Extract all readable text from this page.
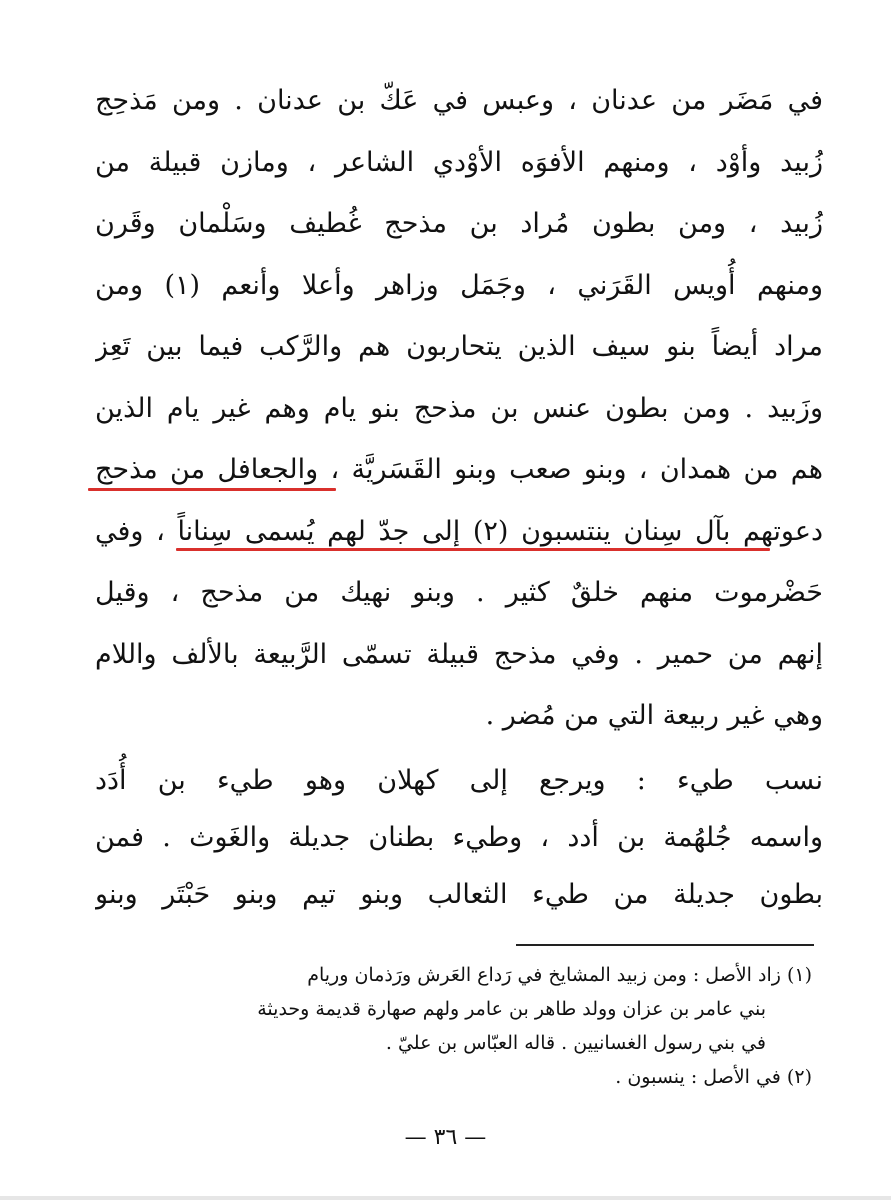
في مَضَر من عدنان ، وعبس في عَكّ بن عدنان . ومن مَذحِج
زُبيد وأوْد ، ومنهم الأفوَه الأوْدي الشاعر ، ومازن قبيلة من
زُبيد ، ومن بطون مُراد بن مذحج غُطيف وسَلْمان وقَرن
ومنهم أُويس القَرَني ، وجَمَل وزاهر وأعلا وأنعم (١) ومن
مراد أيضاً بنو سيف الذين يتحاربون هم والرَّكب فيما بين تَعِز
وزَبيد . ومن بطون عنس بن مذحج بنو يام وهم غير يام الذين
هم من همدان ، وبنو صعب وبنو القَسَريَّة ، والجعافل من مذحج
دعوتهم بآل سِنان ينتسبون (٢) إلى جدّ لهم يُسمى سِناناً ، وفي
حَضْرموت منهم خلقٌ كثير . وبنو نهيك من مذحج ، وقيل
إنهم من حمير . وفي مذحج قبيلة تسمّى الرَّبيعة بالألف واللام
وهي غير ربيعة التي من مُضر .
نسب طيء : ويرجع إلى كهلان وهو طيء بن أُدَد
واسمه جُلهُمة بن أدد ، وطيء بطنان جديلة والغَوث . فمن
بطون جديلة من طيء الثعالب وبنو تيم وبنو حَبْتَر وبنو
(١) زاد الأصل : ومن زبيد المشايخ في رَداع العَرش ورَذمان وريام
بني عامر بن عزان وولد طاهر بن عامر ولهم صهارة قديمة وحديثة
في بني رسول الغسانيين . قاله العبّاس بن عليّ .
(٢) في الأصل : ينسبون .
— ٣٦ —
